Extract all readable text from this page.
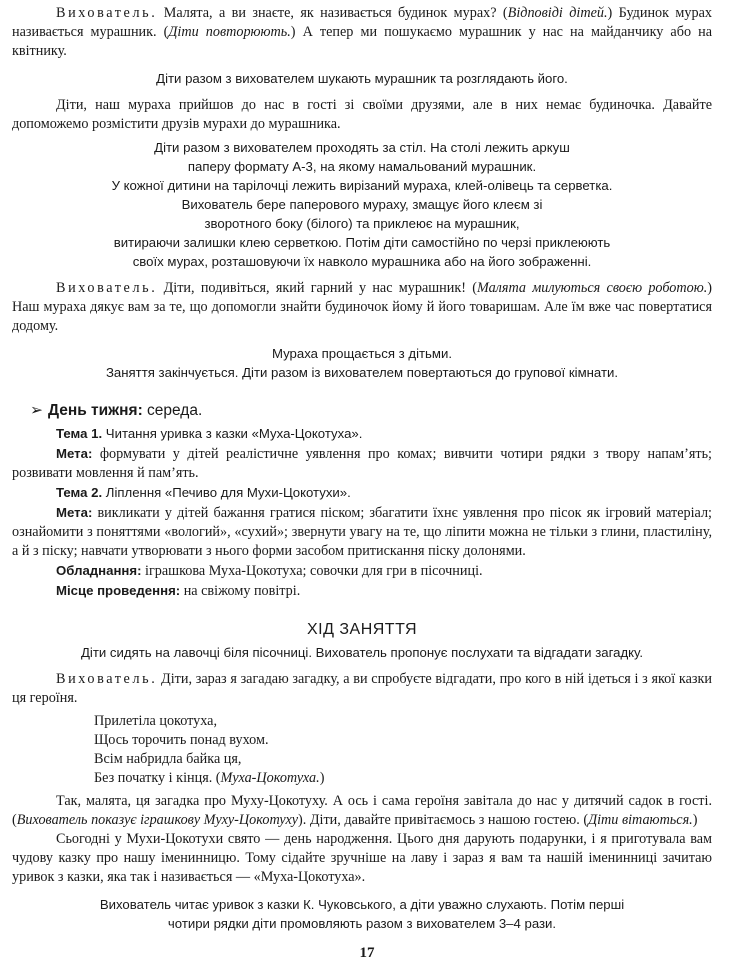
Вихователь. Малята, а ви знаєте, як називається будинок мурах? (Відповіді дітей.) Будинок мурах називається мурашник. (Діти повторюють.) А тепер ми пошукаємо мурашник у нас на майданчику або на квітнику.

Діти разом з вихователем шукають мурашник та розглядають його.

Діти, наш мураха прийшов до нас в гості зі своїми друзями, але в них немає будиночка. Давайте допоможемо розмістити друзів мурахи до мурашника.

Діти разом з вихователем проходять за стіл. На столі лежить аркуш
паперу формату А-3, на якому намальований мурашник.
У кожної дитини на тарілочці лежить вирізаний мураха, клей-олівець та серветка.
Вихователь бере паперового мураху, змащує його клеєм зі
зворотного боку (білого) та приклеює на мурашник,
витираючи залишки клею серветкою. Потім діти самостійно по черзі приклеюють
своїх мурах, розташовуючи їх навколо мурашника або на його зображенні.

Вихователь. Діти, подивіться, який гарний у нас мурашник! (Малята милуються своєю роботою.) Наш мураха дякує вам за те, що допомогли знайти будиночок йому й його товаришам. Але їм вже час повертатися додому.

Мураха прощається з дітьми.
Заняття закінчується. Діти разом із вихователем повертаються до групової кімнати.
➢ День тижня: середа.

Тема 1. Читання уривка з казки «Муха-Цокотуха».

Мета: формувати у дітей реалістичне уявлення про комах; вивчити чотири рядки з твору напам’ять; розвивати мовлення й пам’ять.

Тема 2. Ліплення «Печиво для Мухи-Цокотухи».

Мета: викликати у дітей бажання гратися піском; збагатити їхнє уявлення про пісок як ігровий матеріал; ознайомити з поняттями «вологий», «сухий»; звернути увагу на те, що ліпити можна не тільки з глини, пластиліну, а й з піску; навчати утворювати з нього форми засобом притискання піску долонями.

Обладнання: іграшкова Муха-Цокотуха; совочки для гри в пісочниці.

Місце проведення: на свіжому повітрі.

ХІД ЗАНЯТТЯ

Діти сидять на лавочці біля пісочниці. Вихователь пропонує послухати та відгадати загадку.

Вихователь. Діти, зараз я загадаю загадку, а ви спробуєте відгадати, про кого в ній ідеться і з якої казки ця героїня.

Прилетіла цокотуха,
Щось торочить понад вухом.
Всім набридла байка ця,
Без початку і кінця. (Муха-Цокотуха.)

Так, малята, ця загадка про Муху-Цокотуху. А ось і сама героїня завітала до нас у дитячий садок в гості. (Вихователь показує іграшкову Муху-Цокотуху). Діти, давайте привітаємось з нашою гостею. (Діти вітаються.)

Сьогодні у Мухи-Цокотухи свято — день народження. Цього дня дарують подарунки, і я приготувала вам чудову казку про нашу іменинницю. Тому сідайте зручніше на лаву і зараз я вам та нашій іменинниці зачитаю уривок з казки, яка так і називається — «Муха-Цокотуха».

Вихователь читає уривок з казки К. Чуковського, а діти уважно слухають. Потім перші
чотири рядки діти промовляють разом з вихователем 3–4 рази.
17
